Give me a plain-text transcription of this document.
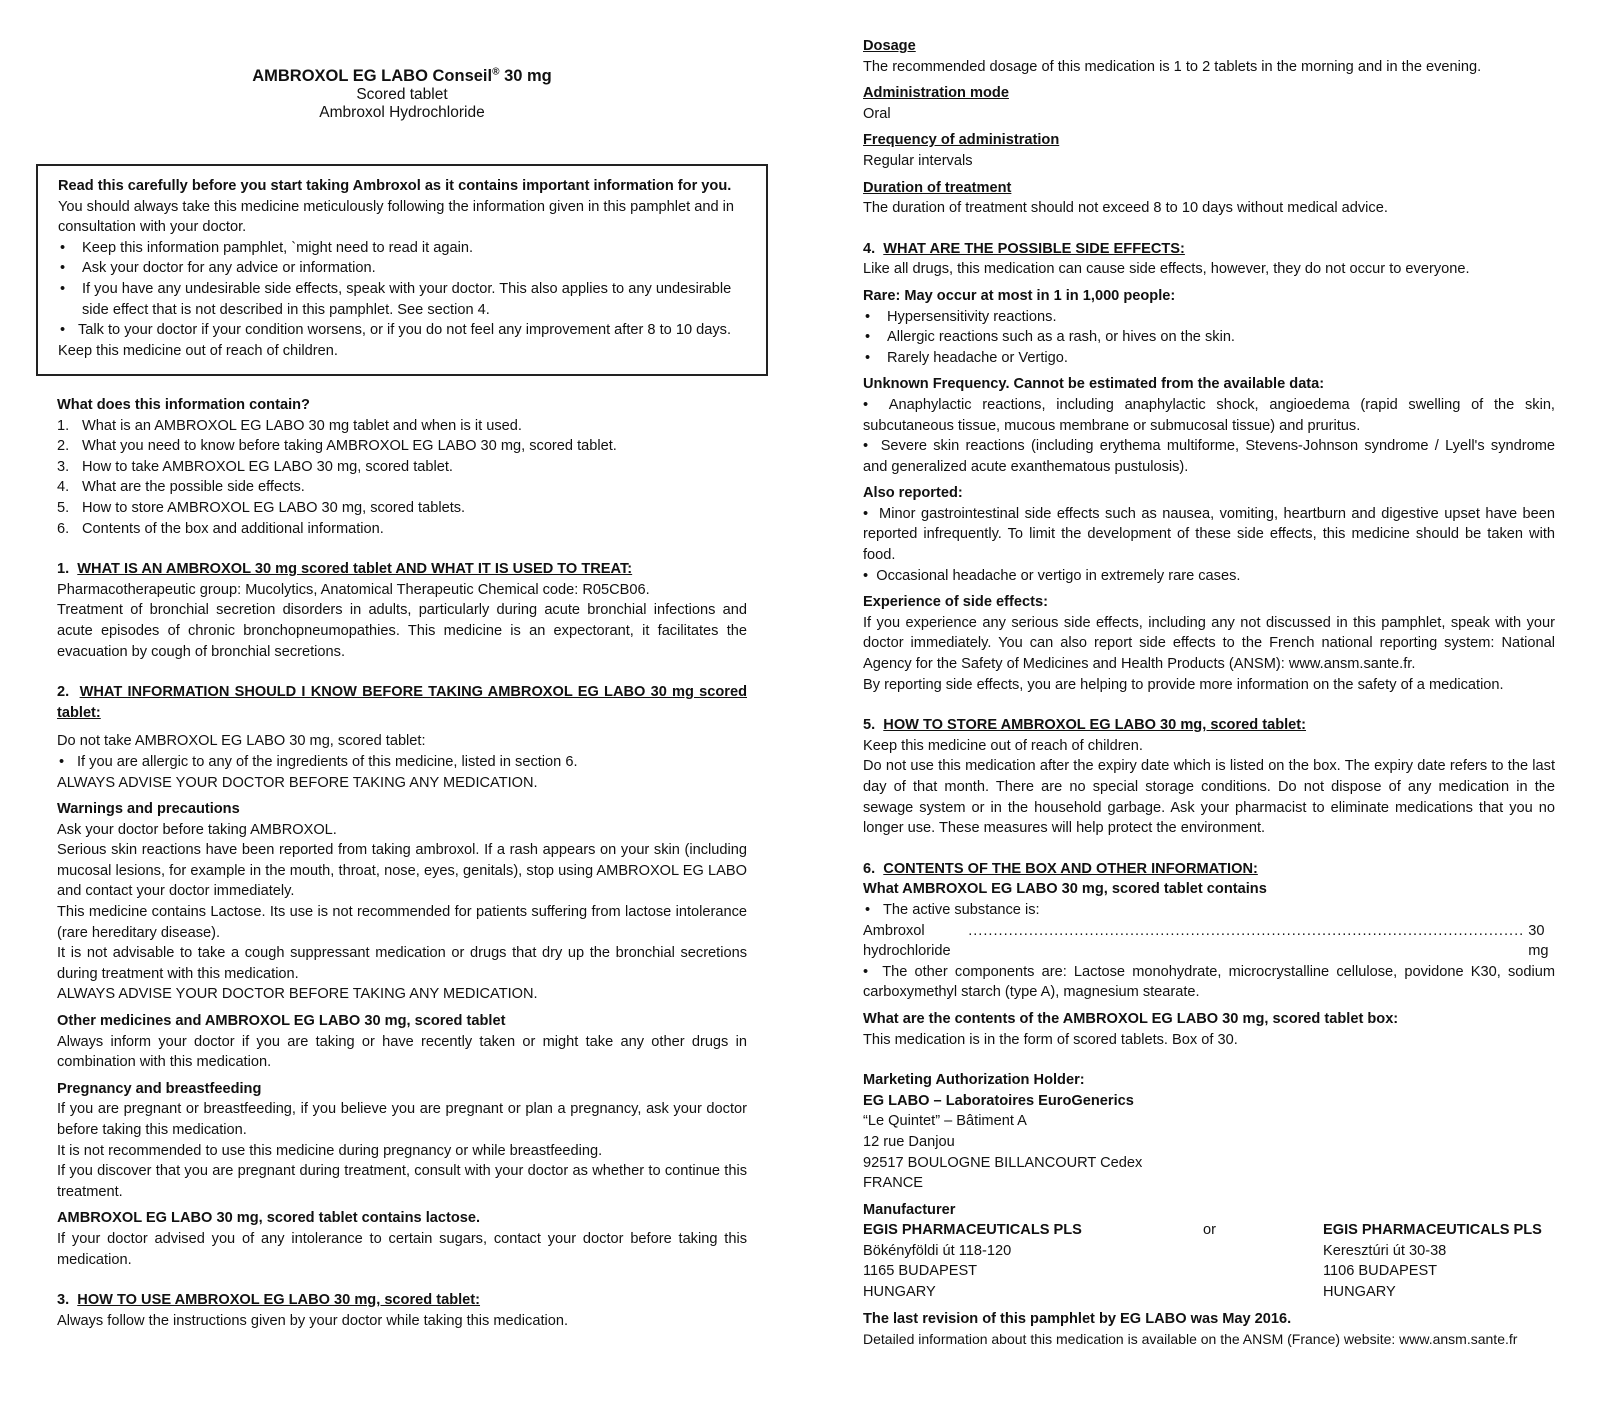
AMBROXOL EG LABO Conseil® 30 mg
Scored tablet
Ambroxol Hydrochloride

Read this carefully before you start taking Ambroxol as it contains important information for you.

You should always take this medicine meticulously following the information given in this pamphlet and in consultation with your doctor.

• Keep this information pamphlet, `might need to read it again.

• Ask your doctor for any advice or information.

• If you have any undesirable side effects, speak with your doctor. This also applies to any undesirable side effect that is not described in this pamphlet. See section 4.

• Talk to your doctor if your condition worsens, or if you do not feel any improvement after 8 to 10 days.

Keep this medicine out of reach of children.

What does this information contain?

1. What is an AMBROXOL EG LABO 30 mg tablet and when is it used.
2. What you need to know before taking AMBROXOL EG LABO 30 mg, scored tablet.
3. How to take AMBROXOL EG LABO 30 mg, scored tablet.
4. What are the possible side effects.
5. How to store AMBROXOL EG LABO 30 mg, scored tablets.
6. Contents of the box and additional information.

1. WHAT IS AN AMBROXOL 30 mg scored tablet AND WHAT IT IS USED TO TREAT:

Pharmacotherapeutic group: Mucolytics, Anatomical Therapeutic Chemical code: R05CB06.

Treatment of bronchial secretion disorders in adults, particularly during acute bronchial infections and acute episodes of chronic bronchopneumopathies. This medicine is an expectorant, it facilitates the evacuation by cough of bronchial secretions.

2. WHAT INFORMATION SHOULD I KNOW BEFORE TAKING AMBROXOL EG LABO 30 mg scored tablet:

Do not take AMBROXOL EG LABO 30 mg, scored tablet:

• If you are allergic to any of the ingredients of this medicine, listed in section 6.

ALWAYS ADVISE YOUR DOCTOR BEFORE TAKING ANY MEDICATION.

Warnings and precautions

Ask your doctor before taking AMBROXOL.

Serious skin reactions have been reported from taking ambroxol. If a rash appears on your skin (including mucosal lesions, for example in the mouth, throat, nose, eyes, genitals), stop using AMBROXOL EG LABO and contact your doctor immediately.

This medicine contains Lactose. Its use is not recommended for patients suffering from lactose intolerance (rare hereditary disease).

It is not advisable to take a cough suppressant medication or drugs that dry up the bronchial secretions during treatment with this medication.

ALWAYS ADVISE YOUR DOCTOR BEFORE TAKING ANY MEDICATION.

Other medicines and AMBROXOL EG LABO 30 mg, scored tablet

Always inform your doctor if you are taking or have recently taken or might take any other drugs in combination with this medication.

Pregnancy and breastfeeding

If you are pregnant or breastfeeding, if you believe you are pregnant or plan a pregnancy, ask your doctor before taking this medication.

It is not recommended to use this medicine during pregnancy or while breastfeeding.

If you discover that you are pregnant during treatment, consult with your doctor as whether to continue this treatment.

AMBROXOL EG LABO 30 mg, scored tablet contains lactose.

If your doctor advised you of any intolerance to certain sugars, contact your doctor before taking this medication.

3. HOW TO USE AMBROXOL EG LABO 30 mg, scored tablet:

Always follow the instructions given by your doctor while taking this medication.

Dosage

The recommended dosage of this medication is 1 to 2 tablets in the morning and in the evening.

Administration mode

Oral

Frequency of administration

Regular intervals

Duration of treatment

The duration of treatment should not exceed 8 to 10 days without medical advice.

4. WHAT ARE THE POSSIBLE SIDE EFFECTS:

Like all drugs, this medication can cause side effects, however, they do not occur to everyone.

Rare: May occur at most in 1 in 1,000 people:

• Hypersensitivity reactions.

• Allergic reactions such as a rash, or hives on the skin.

• Rarely headache or Vertigo.

Unknown Frequency. Cannot be estimated from the available data:

•  Anaphylactic reactions, including anaphylactic shock, angioedema (rapid swelling of the skin, subcutaneous tissue, mucous membrane or submucosal tissue) and pruritus.

•  Severe skin reactions (including erythema multiforme, Stevens-Johnson syndrome / Lyell's syndrome and generalized acute exanthematous pustulosis).

Also reported:

•  Minor gastrointestinal side effects such as nausea, vomiting, heartburn and digestive upset have been reported infrequently. To limit the development of these side effects, this medicine should be taken with food.

•  Occasional headache or vertigo in extremely rare cases.

Experience of side effects:

If you experience any serious side effects, including any not discussed in this pamphlet, speak with your doctor immediately. You can also report side effects to the French national reporting system: National Agency for the Safety of Medicines and Health Products (ANSM): www.ansm.sante.fr.

By reporting side effects, you are helping to provide more information on the safety of a medication.

5. HOW TO STORE AMBROXOL EG LABO 30 mg, scored tablet:

Keep this medicine out of reach of children.

Do not use this medication after the expiry date which is listed on the box. The expiry date refers to the last day of that month. There are no special storage conditions. Do not dispose of any medication in the sewage system or in the household garbage. Ask your pharmacist to eliminate medications that you no longer use. These measures will help protect the environment.

6. CONTENTS OF THE BOX AND OTHER INFORMATION:

What AMBROXOL EG LABO 30 mg, scored tablet contains

• The active substance is:

Ambroxol hydrochloride
.............................................................................................................. 30 mg

•  The other components are: Lactose monohydrate, microcrystalline cellulose, povidone K30, sodium carboxymethyl starch (type A), magnesium stearate.

What are the contents of the AMBROXOL EG LABO 30 mg, scored tablet box:

This medication is in the form of scored tablets. Box of 30.

Marketing Authorization Holder:

EG LABO – Laboratoires EuroGenerics

“Le Quintet” – Bâtiment A

12 rue Danjou

92517 BOULOGNE BILLANCOURT Cedex

FRANCE

Manufacturer

EGIS PHARMACEUTICALS PLS	or	EGIS PHARMACEUTICALS PLS
Bökényföldi út 118-120	Keresztúri út 30-38
1165 BUDAPEST	1106 BUDAPEST
HUNGARY	HUNGARY

The last revision of this pamphlet by EG LABO was May 2016.

Detailed information about this medication is available on the ANSM (France) website: www.ansm.sante.fr
